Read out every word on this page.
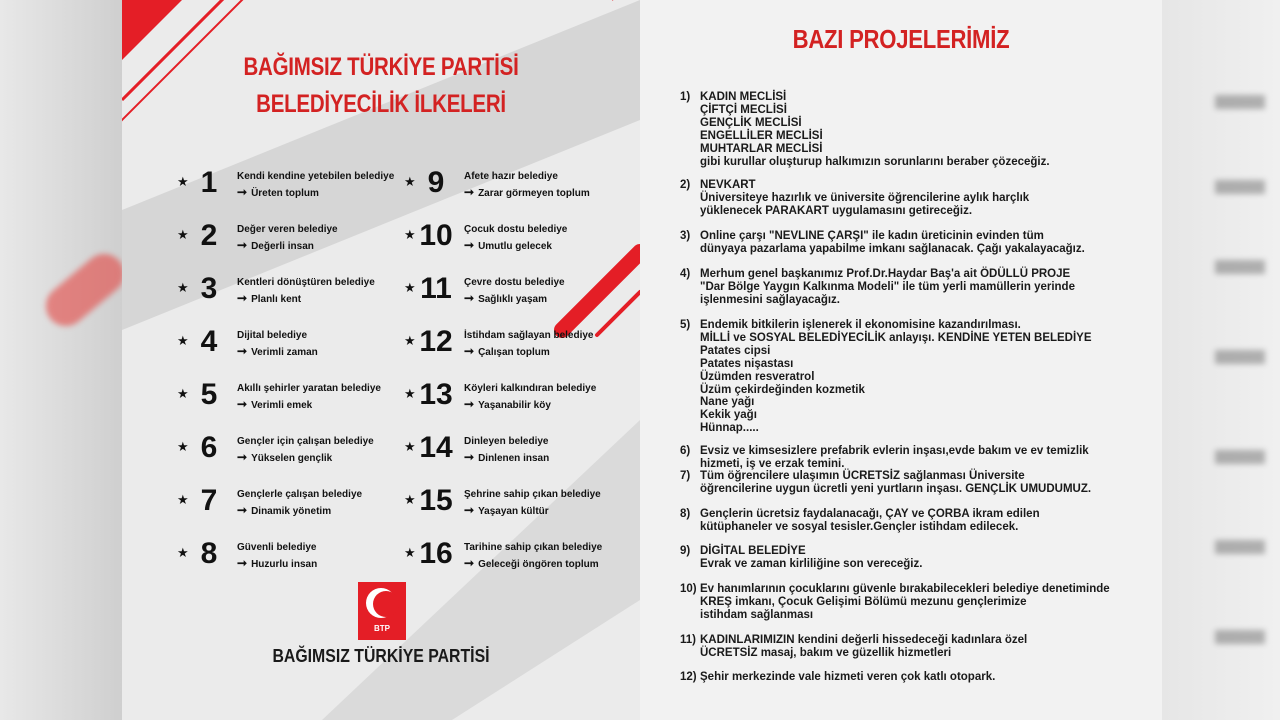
BAĞIMSIZ TÜRKİYE PARTİSİ
BELEDİYECİLİK İLKELERİ
★ 1	Kendi kendine yetebilen belediye
➞ Üreten toplum
★ 2	Değer veren belediye
➞ Değerli insan
★ 3	Kentleri dönüştüren belediye
➞ Planlı kent
★ 4	Dijital belediye
➞ Verimli zaman
★ 5	Akıllı şehirler yaratan belediye
➞ Verimli emek
★ 6	Gençler için çalışan belediye
➞ Yükselen gençlik
★ 7	Gençlerle çalışan belediye
➞ Dinamik yönetim
★ 8	Güvenli belediye
➞ Huzurlu insan
★ 9	Afete hazır belediye
➞ Zarar görmeyen toplum
★ 10	Çocuk dostu belediye
➞ Umutlu gelecek
★ 11	Çevre dostu belediye
➞ Sağlıklı yaşam
★ 12	İstihdam sağlayan belediye
➞ Çalışan toplum
★ 13	Köyleri kalkındıran belediye
➞ Yaşanabilir köy
★ 14	Dinleyen belediye
➞ Dinlenen insan
★ 15	Şehrine sahip çıkan belediye
➞ Yaşayan kültür
★ 16	Tarihine sahip çıkan belediye
➞ Geleceği öngören toplum
BTP
BAĞIMSIZ TÜRKİYE PARTİSİ
BAZI PROJELERİMİZ
1) KADIN MECLİSİ
ÇİFTÇİ MECLİSİ
GENÇLİK MECLİSİ
ENGELLİLER MECLİSİ
MUHTARLAR MECLİSİ
gibi kurullar oluşturup halkımızın sorunlarını beraber çözeceğiz.
2) NEVKART
Üniversiteye hazırlık ve üniversite öğrencilerine aylık harçlık
yüklenecek PARAKART uygulamasını getireceğiz.
3) Online çarşı "NEVLINE ÇARŞI" ile kadın üreticinin evinden tüm
dünyaya pazarlama yapabilme imkanı sağlanacak. Çağı yakalayacağız.
4) Merhum genel başkanımız Prof.Dr.Haydar Baş'a ait ÖDÜLLÜ PROJE
"Dar Bölge Yaygın Kalkınma Modeli" ile tüm yerli mamüllerin yerinde
işlenmesini sağlayacağız.
5) Endemik bitkilerin işlenerek il ekonomisine kazandırılması.
MİLLİ ve SOSYAL BELEDİYECİLİK anlayışı. KENDİNE YETEN BELEDİYE
Patates cipsi
Patates nişastası
Üzümden resveratrol
Üzüm çekirdeğinden kozmetik
Nane yağı
Kekik yağı
Hünnap.....
6) Evsiz ve kimsesizlere prefabrik evlerin inşası,evde bakım ve ev temizlik
hizmeti, iş ve erzak temini.
7) Tüm öğrencilere ulaşımın ÜCRETSİZ sağlanması Üniversite
öğrencilerine uygun ücretli yeni yurtların inşası. GENÇLİK UMUDUMUZ.
8) Gençlerin ücretsiz faydalanacağı, ÇAY ve ÇORBA ikram edilen
kütüphaneler ve sosyal tesisler.Gençler istihdam edilecek.
9) DİGİTAL BELEDİYE
Evrak ve zaman kirliliğine son vereceğiz.
10) Ev hanımlarının çocuklarını güvenle bırakabilecekleri belediye denetiminde
KREŞ imkanı, Çocuk Gelişimi Bölümü mezunu gençlerimize
istihdam sağlanması
11) KADINLARIMIZIN kendini değerli hissedeceği kadınlara özel
ÜCRETSİZ masaj, bakım ve güzellik hizmetleri
12) Şehir merkezinde vale hizmeti veren çok katlı otopark.
